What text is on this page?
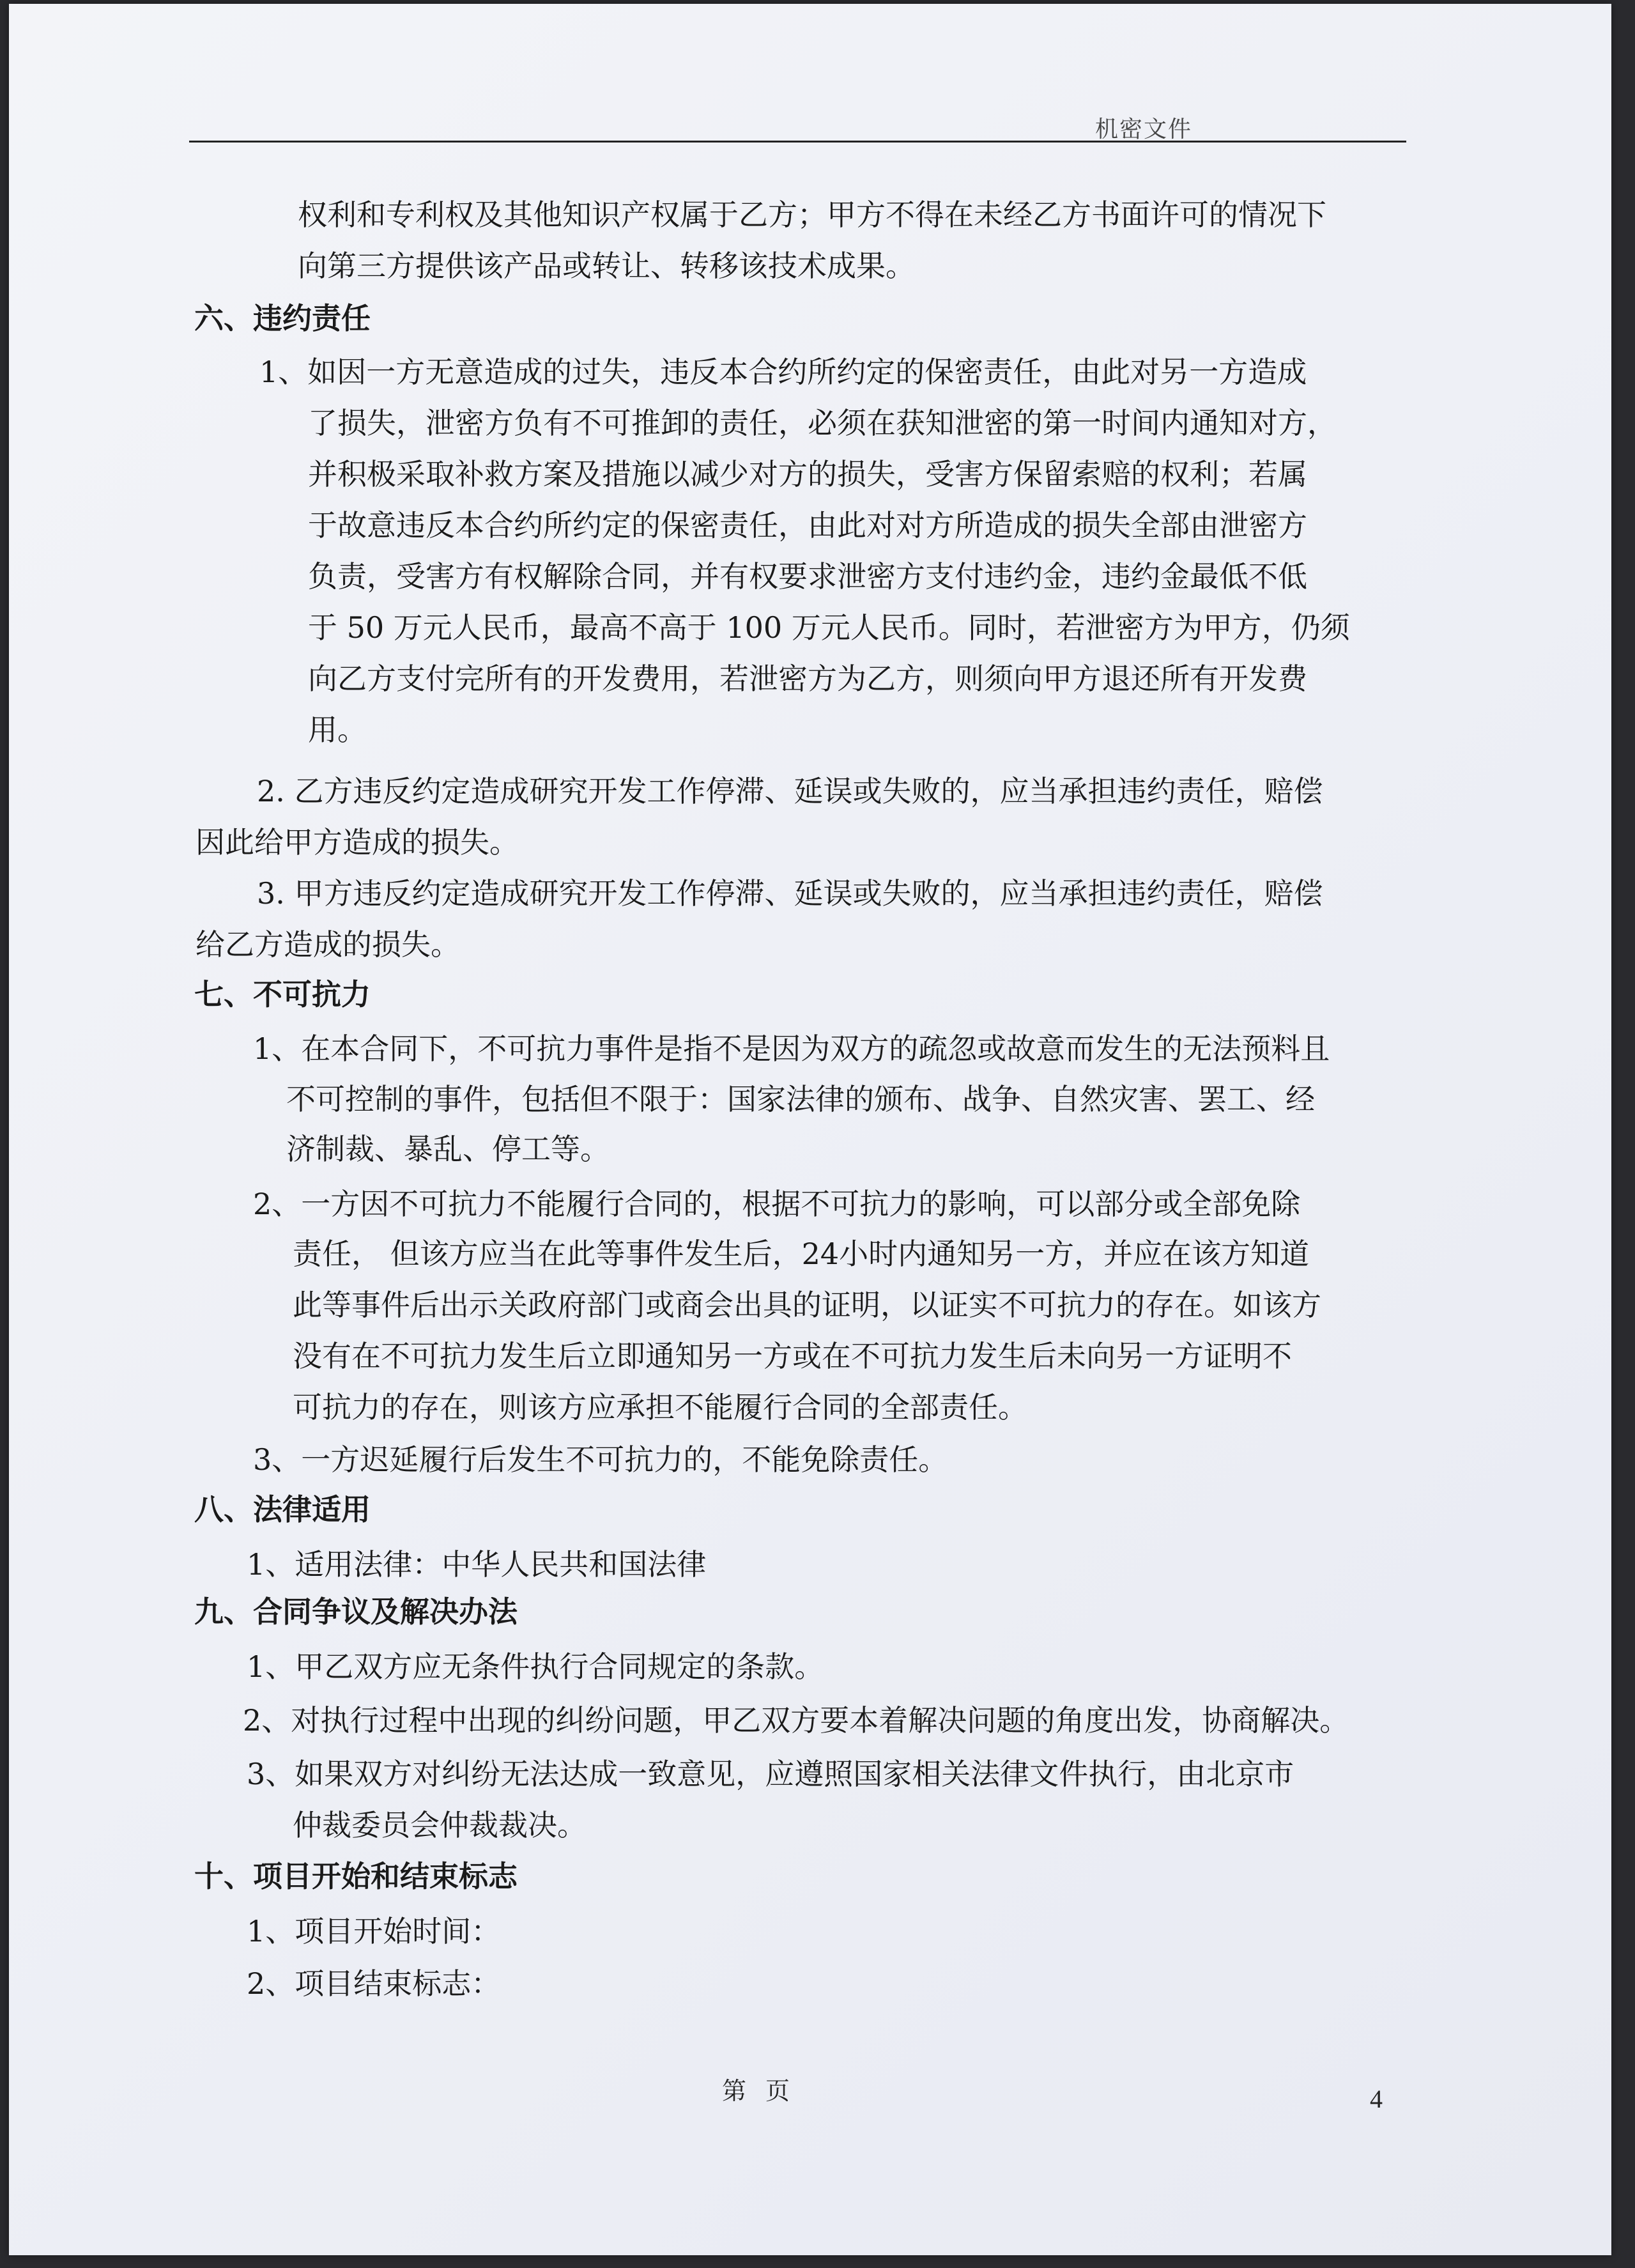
机密文件
权利和专利权及其他知识产权属于乙方；甲方不得在未经乙方书面许可的情况下
向第三方提供该产品或转让、转移该技术成果。
六、违约责任
1、如因一方无意造成的过失，违反本合约所约定的保密责任，由此对另一方造成
了损失，泄密方负有不可推卸的责任，必须在获知泄密的第一时间内通知对方，
并积极采取补救方案及措施以减少对方的损失，受害方保留索赔的权利；若属
于故意违反本合约所约定的保密责任，由此对对方所造成的损失全部由泄密方
负责，受害方有权解除合同，并有权要求泄密方支付违约金，违约金最低不低
于 50 万元人民币，最高不高于 100 万元人民币。同时，若泄密方为甲方，仍须
向乙方支付完所有的开发费用，若泄密方为乙方，则须向甲方退还所有开发费
用。
2. 乙方违反约定造成研究开发工作停滞、延误或失败的，应当承担违约责任，赔偿
因此给甲方造成的损失。
3. 甲方违反约定造成研究开发工作停滞、延误或失败的，应当承担违约责任，赔偿
给乙方造成的损失。
七、不可抗力
1、在本合同下，不可抗力事件是指不是因为双方的疏忽或故意而发生的无法预料且
不可控制的事件，包括但不限于：国家法律的颁布、战争、自然灾害、罢工、经
济制裁、暴乱、停工等。
2、一方因不可抗力不能履行合同的，根据不可抗力的影响，可以部分或全部免除
责任， 但该方应当在此等事件发生后，24小时内通知另一方，并应在该方知道
此等事件后出示关政府部门或商会出具的证明，以证实不可抗力的存在。如该方
没有在不可抗力发生后立即通知另一方或在不可抗力发生后未向另一方证明不
可抗力的存在，则该方应承担不能履行合同的全部责任。
3、一方迟延履行后发生不可抗力的，不能免除责任。
八、法律适用
1、适用法律：中华人民共和国法律
九、合同争议及解决办法
1、甲乙双方应无条件执行合同规定的条款。
2、对执行过程中出现的纠纷问题，甲乙双方要本着解决问题的角度出发，协商解决。
3、如果双方对纠纷无法达成一致意见，应遵照国家相关法律文件执行，由北京市
仲裁委员会仲裁裁决。
十、项目开始和结束标志
1、项目开始时间：
2、项目结束标志：
第页	4
